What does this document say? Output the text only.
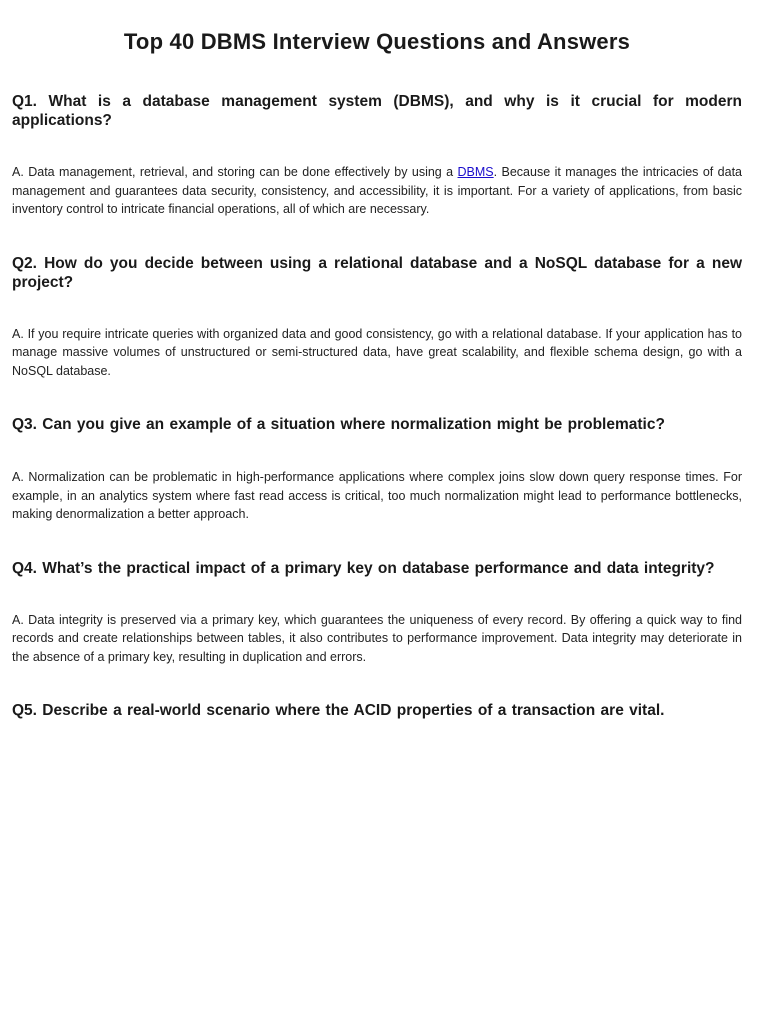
Top 40 DBMS Interview Questions and Answers
Q1. What is a database management system (DBMS), and why is it crucial for modern applications?

A. Data management, retrieval, and storing can be done effectively by using a DBMS. Because it manages the intricacies of data management and guarantees data security, consistency, and accessibility, it is important. For a variety of applications, from basic inventory control to intricate financial operations, all of which are necessary.

Q2. How do you decide between using a relational database and a NoSQL database for a new project?

A. If you require intricate queries with organized data and good consistency, go with a relational database. If your application has to manage massive volumes of unstructured or semi-structured data, have great scalability, and flexible schema design, go with a NoSQL database.

Q3. Can you give an example of a situation where normalization might be problematic?

A. Normalization can be problematic in high-performance applications where complex joins slow down query response times. For example, in an analytics system where fast read access is critical, too much normalization might lead to performance bottlenecks, making denormalization a better approach.

Q4. What’s the practical impact of a primary key on database performance and data integrity?

A. Data integrity is preserved via a primary key, which guarantees the uniqueness of every record. By offering a quick way to find records and create relationships between tables, it also contributes to performance improvement. Data integrity may deteriorate in the absence of a primary key, resulting in duplication and errors.

Q5. Describe a real-world scenario where the ACID properties of a transaction are vital.
